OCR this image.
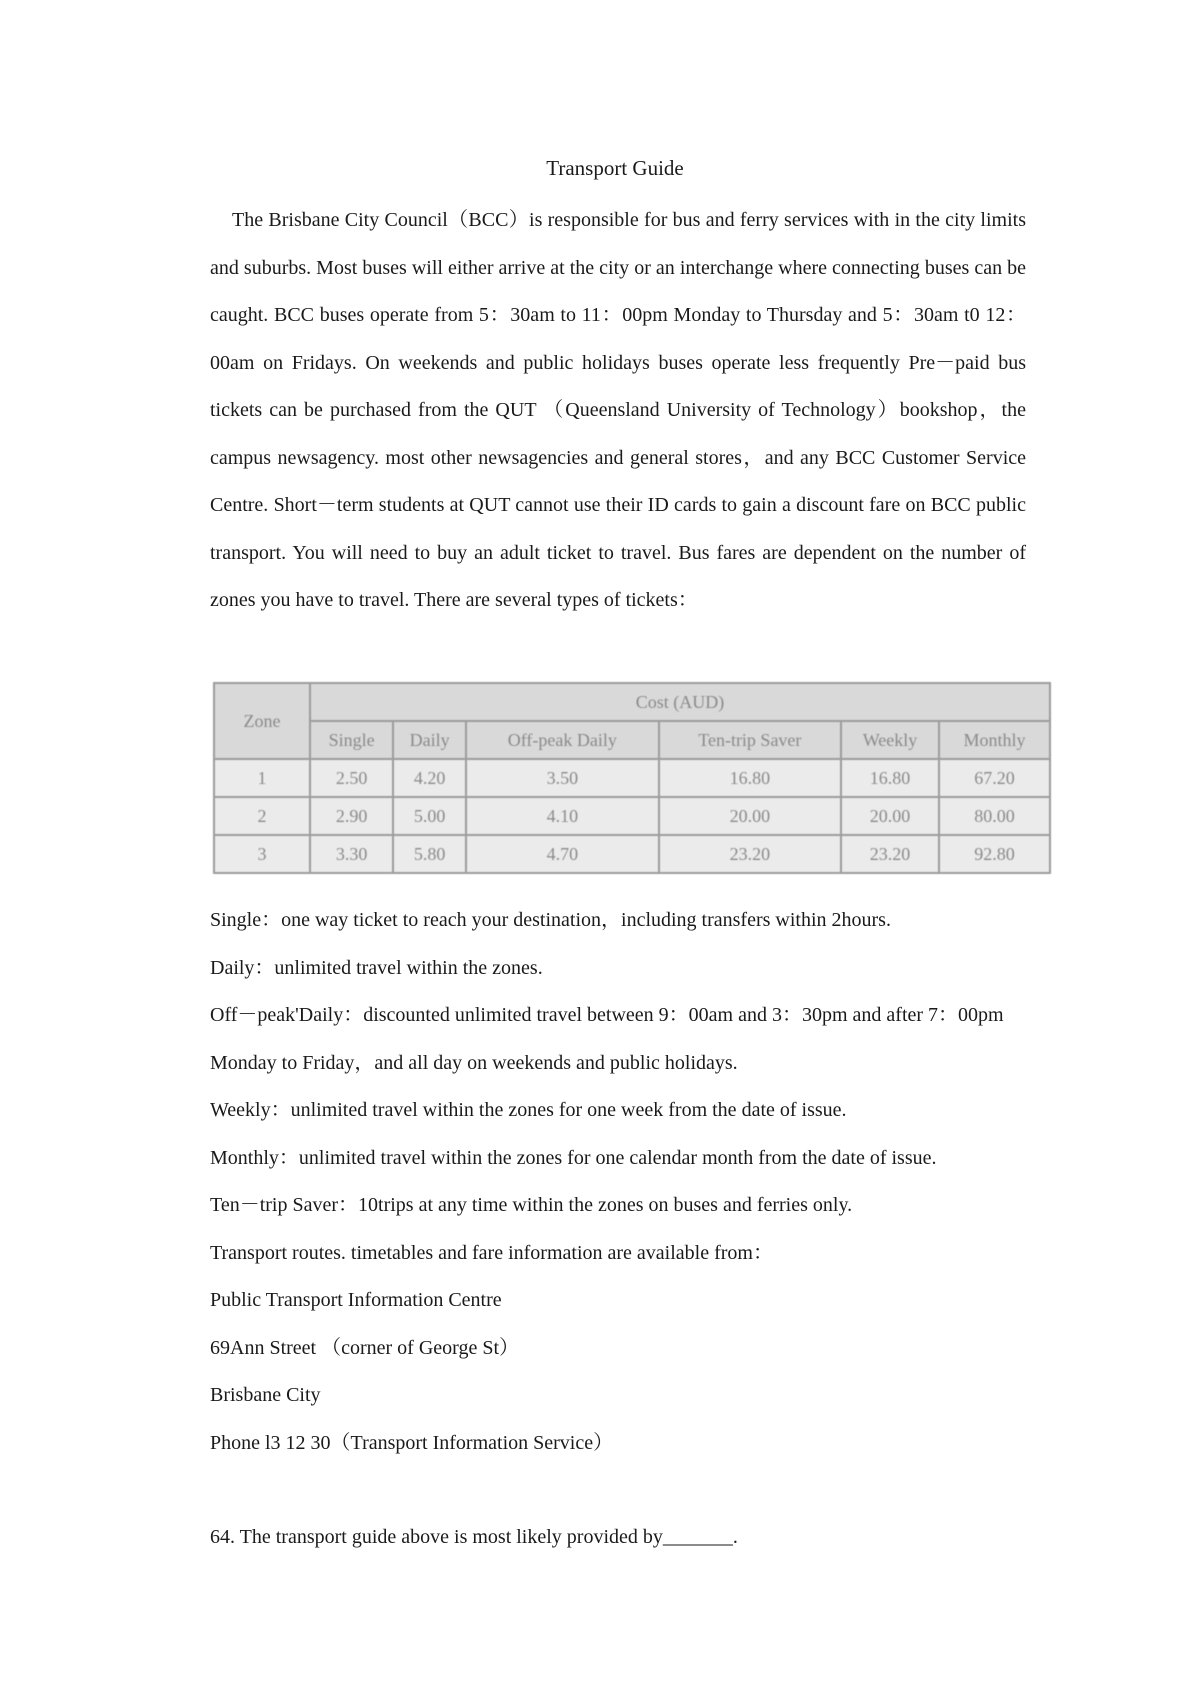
Transport Guide
The Brisbane City Council（BCC）is responsible for bus and ferry services with in the city limits and suburbs. Most buses will either arrive at the city or an interchange where connecting buses can be caught. BCC buses operate from 5：30am to 11：00pm Monday to Thursday and 5：30am t0 12：00am on Fridays. On weekends and public holidays buses operate less frequently Pre－paid bus tickets can be purchased from the QUT （Queensland University of Technology）bookshop，the campus newsagency. most other newsagencies and general stores，and any BCC Customer Service Centre. Short－term students at QUT cannot use their ID cards to gain a discount fare on BCC public transport. You will need to buy an adult ticket to travel. Bus fares are dependent on the number of zones you have to travel. There are several types of tickets：
Zone	Cost (AUD)					
	Single	Daily	Off-peak Daily	Ten-trip Saver	Weekly	Monthly
1	2.50	4.20	3.50	16.80	16.80	67.20
2	2.90	5.00	4.10	20.00	20.00	80.00
3	3.30	5.80	4.70	23.20	23.20	92.80
Single：one way ticket to reach your destination，including transfers within 2hours.
Daily：unlimited travel within the zones.
Off－peak'Daily：discounted unlimited travel between 9：00am and 3：30pm and after 7：00pm
Monday to Friday，and all day on weekends and public holidays.
Weekly：unlimited travel within the zones for one week from the date of issue.
Monthly：unlimited travel within the zones for one calendar month from the date of issue.
Ten－trip Saver：10trips at any time within the zones on buses and ferries only.
Transport routes. timetables and fare information are available from：
Public Transport Information Centre
69Ann Street （corner of George St）
Brisbane City
Phone l3 12 30（Transport Information Service）
64. The transport guide above is most likely provided by_______.
